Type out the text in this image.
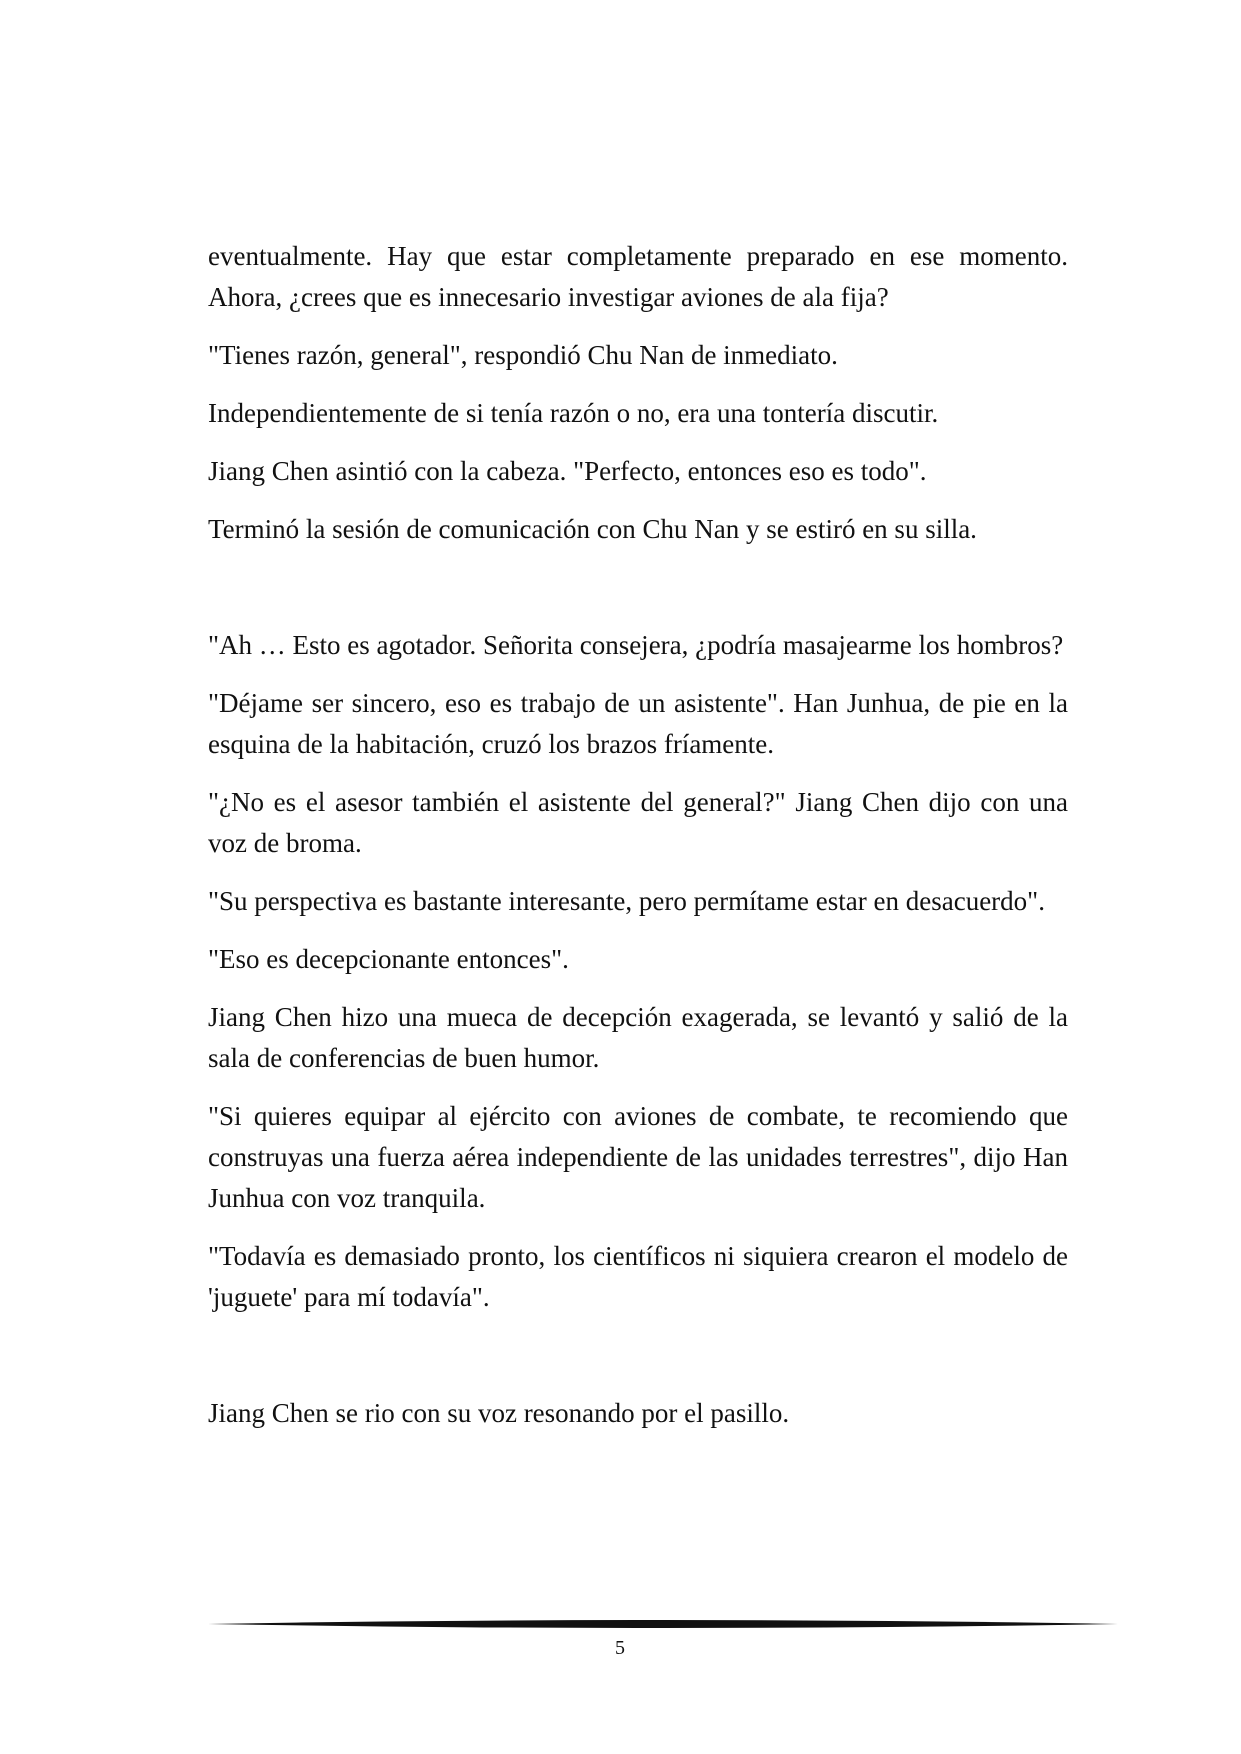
eventualmente. Hay que estar completamente preparado en ese momento. Ahora, ¿crees que es innecesario investigar aviones de ala fija?

"Tienes razón, general", respondió Chu Nan de inmediato.

Independientemente de si tenía razón o no, era una tontería discutir.

Jiang Chen asintió con la cabeza. "Perfecto, entonces eso es todo".

Terminó la sesión de comunicación con Chu Nan y se estiró en su silla.

"Ah … Esto es agotador. Señorita consejera, ¿podría masajearme los hombros?

"Déjame ser sincero, eso es trabajo de un asistente". Han Junhua, de pie en la esquina de la habitación, cruzó los brazos fríamente.

"¿No es el asesor también el asistente del general?" Jiang Chen dijo con una voz de broma.

"Su perspectiva es bastante interesante, pero permítame estar en desacuerdo".

"Eso es decepcionante entonces".

Jiang Chen hizo una mueca de decepción exagerada, se levantó y salió de la sala de conferencias de buen humor.

"Si quieres equipar al ejército con aviones de combate, te recomiendo que construyas una fuerza aérea independiente de las unidades terrestres", dijo Han Junhua con voz tranquila.

"Todavía es demasiado pronto, los científicos ni siquiera crearon el modelo de 'juguete' para mí todavía".

Jiang Chen se rio con su voz resonando por el pasillo.

5
